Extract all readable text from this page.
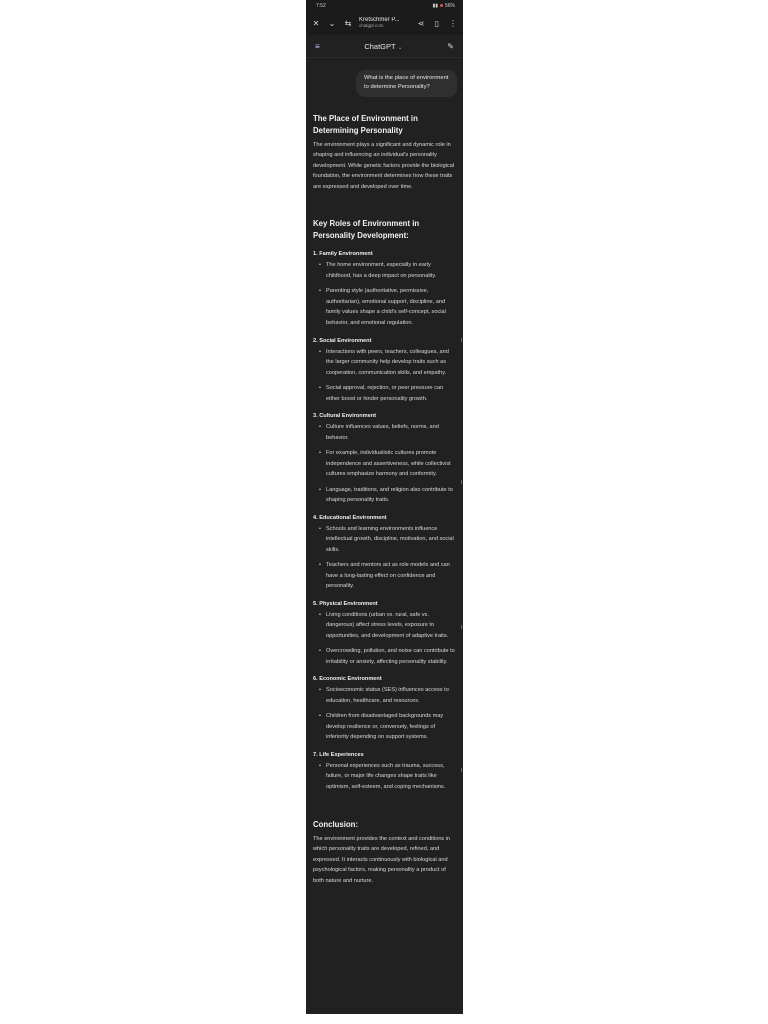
7:52	▮▮ 56%
✕ ⌄ ⇆ Kretschmer P...
chatgpt.com	⋖	▯	⋮
≡	ChatGPT ⌄	✎
What is the place of environment to determine Personality?
The Place of Environment in Determining Personality

The environment plays a significant and dynamic role in shaping and influencing an individual's personality development. While genetic factors provide the biological foundation, the environment determines how these traits are expressed and developed over time.

Key Roles of Environment in Personality Development:
1. Family Environment
• The home environment, especially in early childhood, has a deep impact on personality.
• Parenting style (authoritative, permissive, authoritarian), emotional support, discipline, and family values shape a child's self-concept, social behavior, and emotional regulation.
2. Social Environment
• Interactions with peers, teachers, colleagues, and the larger community help develop traits such as cooperation, communication skills, and empathy.
• Social approval, rejection, or peer pressure can either boost or hinder personality growth.
3. Cultural Environment
• Culture influences values, beliefs, norms, and behavior.
• For example, individualistic cultures promote independence and assertiveness, while collectivist cultures emphasize harmony and conformity.
• Language, traditions, and religion also contribute to shaping personality traits.
4. Educational Environment
• Schools and learning environments influence intellectual growth, discipline, motivation, and social skills.
• Teachers and mentors act as role models and can have a long-lasting effect on confidence and personality.
5. Physical Environment
• Living conditions (urban vs. rural, safe vs. dangerous) affect stress levels, exposure to opportunities, and development of adaptive traits.
• Overcrowding, pollution, and noise can contribute to irritability or anxiety, affecting personality stability.
6. Economic Environment
• Socioeconomic status (SES) influences access to education, healthcare, and resources.
• Children from disadvantaged backgrounds may develop resilience or, conversely, feelings of inferiority depending on support systems.
7. Life Experiences
• Personal experiences such as trauma, success, failure, or major life changes shape traits like optimism, self-esteem, and coping mechanisms.
Conclusion:

The environment provides the context and conditions in which personality traits are developed, refined, and expressed. It interacts continuously with biological and psychological factors, making personality a product of both nature and nurture.
